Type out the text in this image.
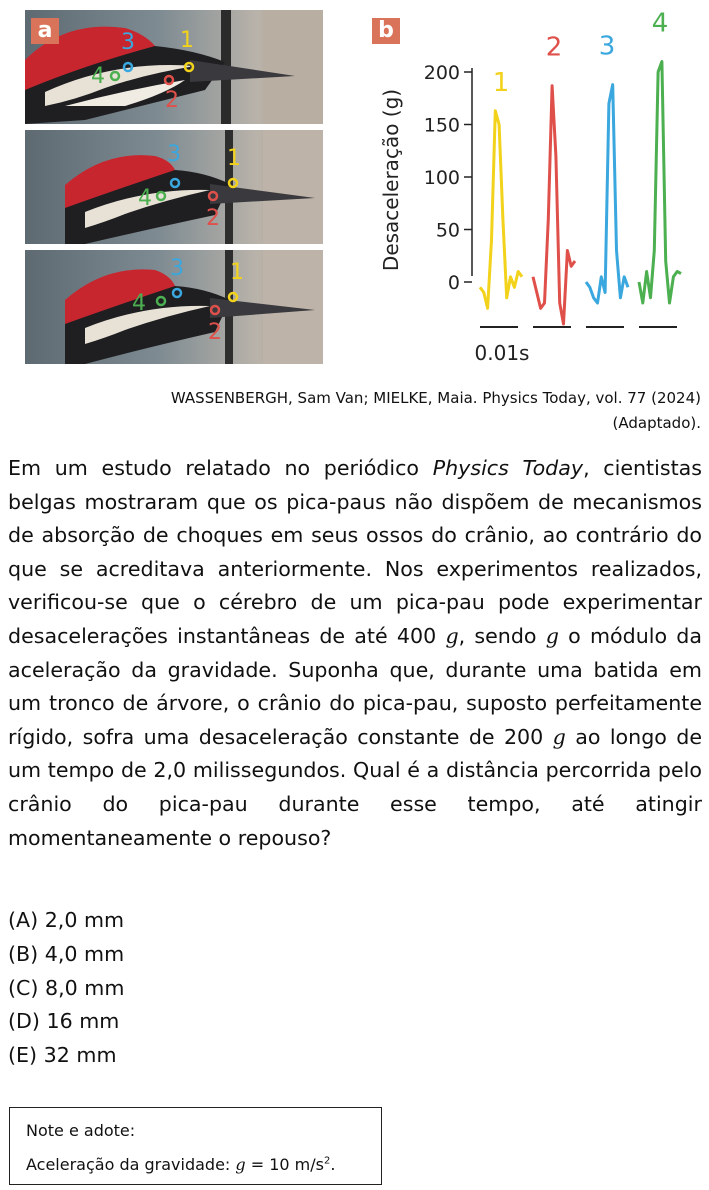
1
2
3
4
1
2
3
4
1
2
3
4
a	b
Desaceleração (g)
0
50
100
150
200 1
2 3
4
0.01s
WASSENBERGH, Sam Van; MIELKE, Maia. Physics Today, vol. 77 (2024)
(Adaptado).
Em um estudo relatado no periódico Physics Today, cientistas belgas mostraram que os pica-paus não dispõem de mecanismos de absorção de choques em seus ossos do crânio, ao contrário do que se acreditava anteriormente. Nos experimentos realizados, verificou-se que o cérebro de um pica-pau pode experimentar desacelerações instantâneas de até 400 g, sendo g o módulo da aceleração da gravidade. Suponha que, durante uma batida em um tronco de árvore, o crânio do pica-pau, suposto perfeitamente rígido, sofra uma desaceleração constante de 200 g ao longo de um tempo de 2,0 milissegundos. Qual é a distância percorrida pelo crânio do pica-pau durante esse tempo, até atingir momentaneamente o repouso?
(A) 2,0 mm
(B) 4,0 mm
(C) 8,0 mm
(D) 16 mm
(E) 32 mm
Note e adote:
Aceleração da gravidade: g = 10 $m/s^2$.
